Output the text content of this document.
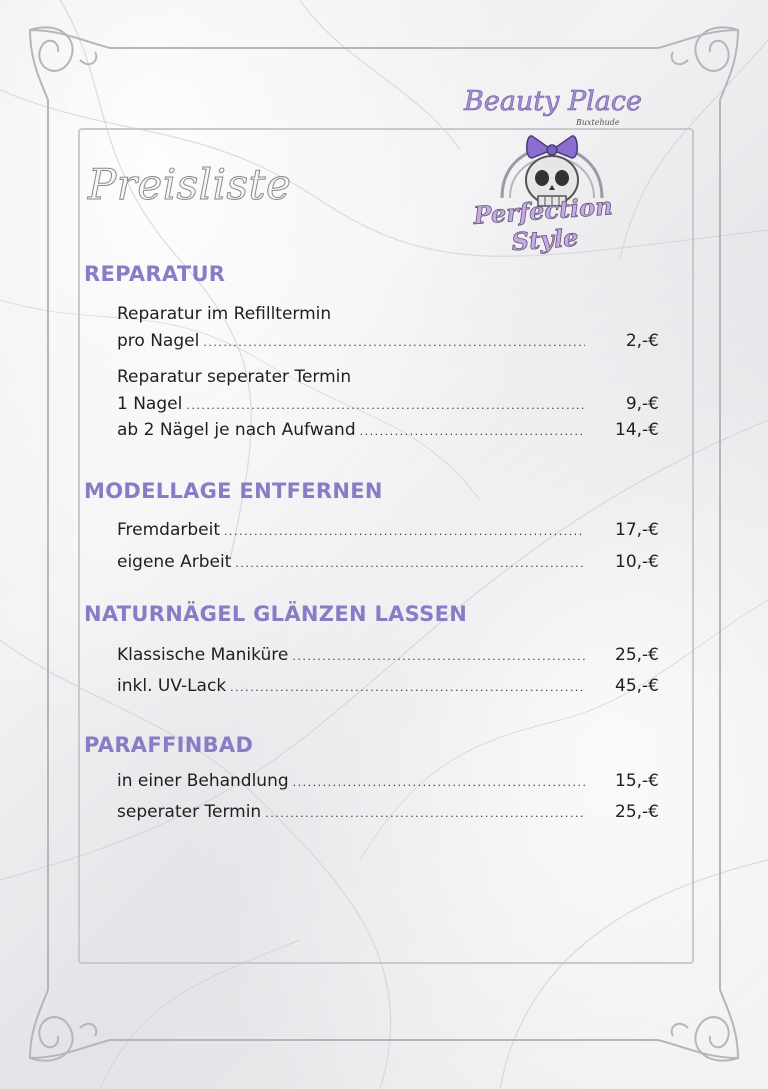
Preisliste
Beauty Place
Buxtehude
Perfection Style
REPARATUR
Reparatur im Refilltermin
pro Nagel .....	2,-€
Reparatur seperater Termin
1 Nagel .....	9,-€
ab 2 Nägel je nach Aufwand .....	14,-€
MODELLAGE ENTFERNEN
Fremdarbeit .....	17,-€
eigene Arbeit .....	10,-€
NATURNÄGEL GLÄNZEN LASSEN
Klassische Maniküre .....	25,-€
inkl. UV-Lack .....	45,-€
PARAFFINBAD
in einer Behandlung .....	15,-€
seperater Termin .....	25,-€
